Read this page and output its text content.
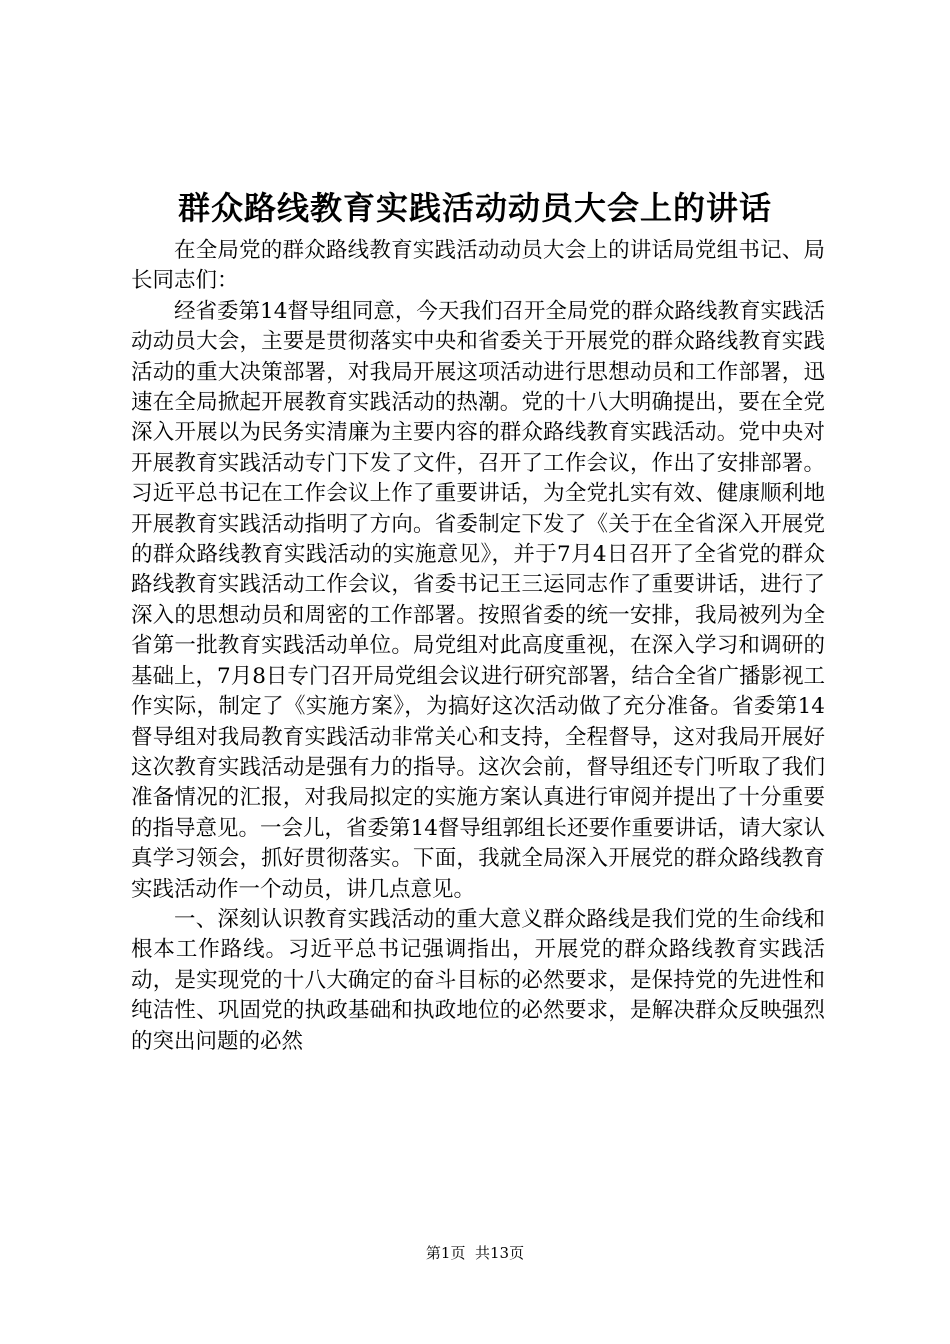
群众路线教育实践活动动员大会上的讲话

在全局党的群众路线教育实践活动动员大会上的讲话局党组书记、局长同志们：

经省委第14督导组同意，今天我们召开全局党的群众路线教育实践活动动员大会，主要是贯彻落实中央和省委关于开展党的群众路线教育实践活动的重大决策部署，对我局开展这项活动进行思想动员和工作部署，迅速在全局掀起开展教育实践活动的热潮。党的十八大明确提出，要在全党深入开展以为民务实清廉为主要内容的群众路线教育实践活动。党中央对开展教育实践活动专门下发了文件，召开了工作会议，作出了安排部署。习近平总书记在工作会议上作了重要讲话，为全党扎实有效、健康顺利地开展教育实践活动指明了方向。省委制定下发了《关于在全省深入开展党的群众路线教育实践活动的实施意见》，并于7月4日召开了全省党的群众路线教育实践活动工作会议，省委书记王三运同志作了重要讲话，进行了深入的思想动员和周密的工作部署。按照省委的统一安排，我局被列为全省第一批教育实践活动单位。局党组对此高度重视，在深入学习和调研的基础上，7月8日专门召开局党组会议进行研究部署，结合全省广播影视工作实际，制定了《实施方案》，为搞好这次活动做了充分准备。省委第14督导组对我局教育实践活动非常关心和支持，全程督导，这对我局开展好这次教育实践活动是强有力的指导。这次会前，督导组还专门听取了我们准备情况的汇报，对我局拟定的实施方案认真进行审阅并提出了十分重要的指导意见。一会儿，省委第14督导组郭组长还要作重要讲话，请大家认真学习领会，抓好贯彻落实。下面，我就全局深入开展党的群众路线教育实践活动作一个动员，讲几点意见。

一、深刻认识教育实践活动的重大意义群众路线是我们党的生命线和根本工作路线。习近平总书记强调指出，开展党的群众路线教育实践活动，是实现党的十八大确定的奋斗目标的必然要求，是保持党的先进性和纯洁性、巩固党的执政基础和执政地位的必然要求，是解决群众反映强烈的突出问题的必然

第1页 共13页
